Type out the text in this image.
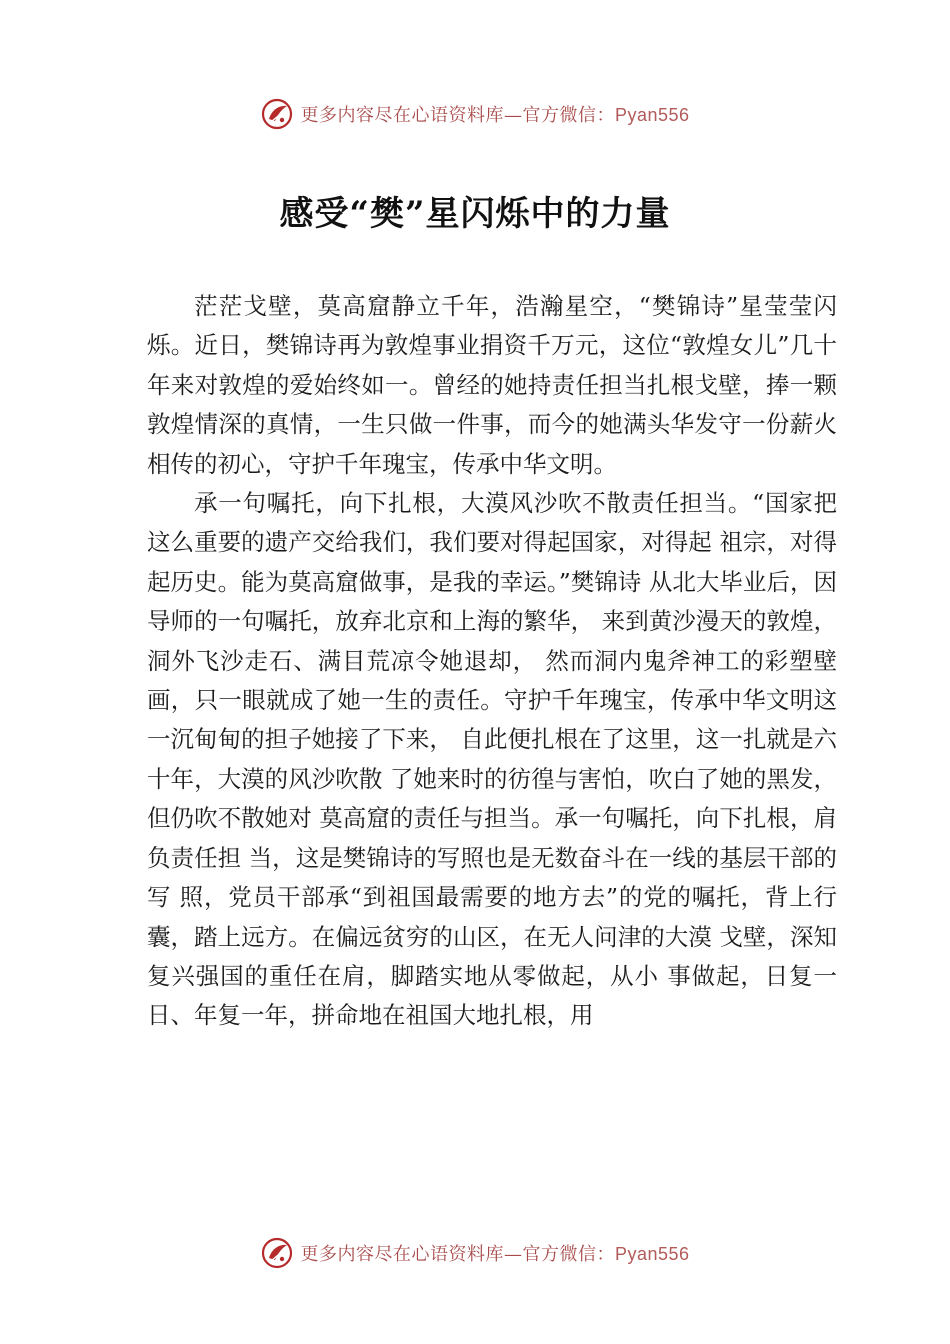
更多内容尽在心语资料库—官方微信：Pyan556
感受“樊”星闪烁中的力量

茫茫戈壁，莫高窟静立千年，浩瀚星空，“樊锦诗”星莹莹闪烁。近日，樊锦诗再为敦煌事业捐资千万元，这位“敦煌女儿”几十年来对敦煌的爱始终如一。曾经的她持责任担当扎根戈壁，捧一颗敦煌情深的真情，一生只做一件事，而今的她满头华发守一份薪火相传的初心，守护千年瑰宝，传承中华文明。

承一句嘱托，向下扎根，大漠风沙吹不散责任担当。“国家把这么重要的遗产交给我们，我们要对得起国家，对得起 祖宗，对得起历史。能为莫高窟做事，是我的幸运。”樊锦诗 从北大毕业后，因导师的一句嘱托，放弃北京和上海的繁华， 来到黄沙漫天的敦煌，洞外飞沙走石、满目荒凉令她退却， 然而洞内鬼斧神工的彩塑壁画，只一眼就成了她一生的责任。守护千年瑰宝，传承中华文明这一沉甸甸的担子她接了下来， 自此便扎根在了这里，这一扎就是六十年，大漠的风沙吹散 了她来时的彷徨与害怕，吹白了她的黑发，但仍吹不散她对 莫高窟的责任与担当。承一句嘱托，向下扎根，肩负责任担 当，这是樊锦诗的写照也是无数奋斗在一线的基层干部的写 照，党员干部承“到祖国最需要的地方去”的党的嘱托，背上行囊，踏上远方。在偏远贫穷的山区，在无人问津的大漠 戈壁，深知复兴强国的重任在肩，脚踏实地从零做起，从小 事做起，日复一日、年复一年，拼命地在祖国大地扎根，用

更多内容尽在心语资料库—官方微信：Pyan556
